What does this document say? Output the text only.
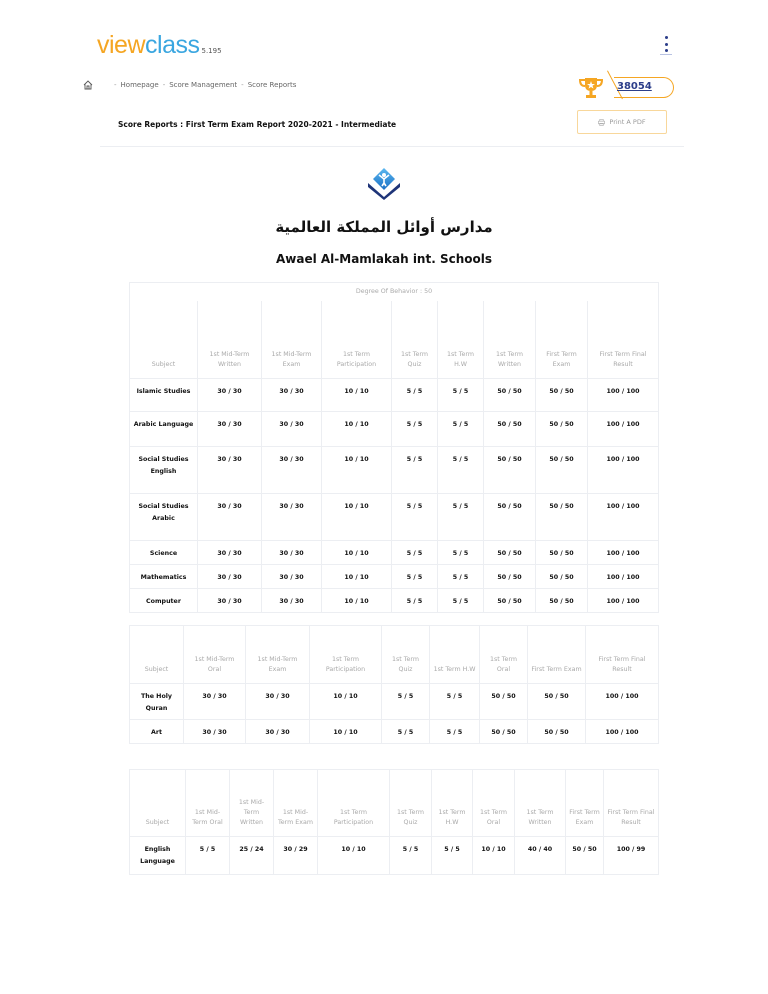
view class 5.195
- Homepage - Score Management - Score Reports
Score Reports : First Term Exam Report 2020-2021 - Intermediate
38054
Print A PDF
مدارس أوائل المملكة العالمية
Awael Al-Mamlakah int. Schools
Degree Of Behavior : 50								
Subject	1st Mid-Term Written	1st Mid-Term Exam	1st Term Participation	1st Term Quiz	1st Term H.W	1st Term Written	First Term Exam	First Term Final Result
Islamic Studies	30 / 30	30 / 30	10 / 10	5 / 5	5 / 5	50 / 50	50 / 50	100 / 100
Arabic Language	30 / 30	30 / 30	10 / 10	5 / 5	5 / 5	50 / 50	50 / 50	100 / 100
Social Studies English	30 / 30	30 / 30	10 / 10	5 / 5	5 / 5	50 / 50	50 / 50	100 / 100
Social Studies Arabic	30 / 30	30 / 30	10 / 10	5 / 5	5 / 5	50 / 50	50 / 50	100 / 100
Science	30 / 30	30 / 30	10 / 10	5 / 5	5 / 5	50 / 50	50 / 50	100 / 100
Mathematics	30 / 30	30 / 30	10 / 10	5 / 5	5 / 5	50 / 50	50 / 50	100 / 100
Computer	30 / 30	30 / 30	10 / 10	5 / 5	5 / 5	50 / 50	50 / 50	100 / 100
Subject	1st Mid-Term Oral	1st Mid-Term Exam	1st Term Participation	1st Term Quiz	1st Term H.W	1st Term Oral	First Term Exam	First Term Final Result
The Holy Quran	30 / 30	30 / 30	10 / 10	5 / 5	5 / 5	50 / 50	50 / 50	100 / 100
Art	30 / 30	30 / 30	10 / 10	5 / 5	5 / 5	50 / 50	50 / 50	100 / 100
Subject	1st Mid-Term Oral	1st Mid-Term Written	1st Mid-Term Exam	1st Term Participation	1st Term Quiz	1st Term H.W	1st Term Oral	1st Term Written	First Term Exam	First Term Final Result
English Language	5 / 5	25 / 24	30 / 29	10 / 10	5 / 5	5 / 5	10 / 10	40 / 40	50 / 50	100 / 99
